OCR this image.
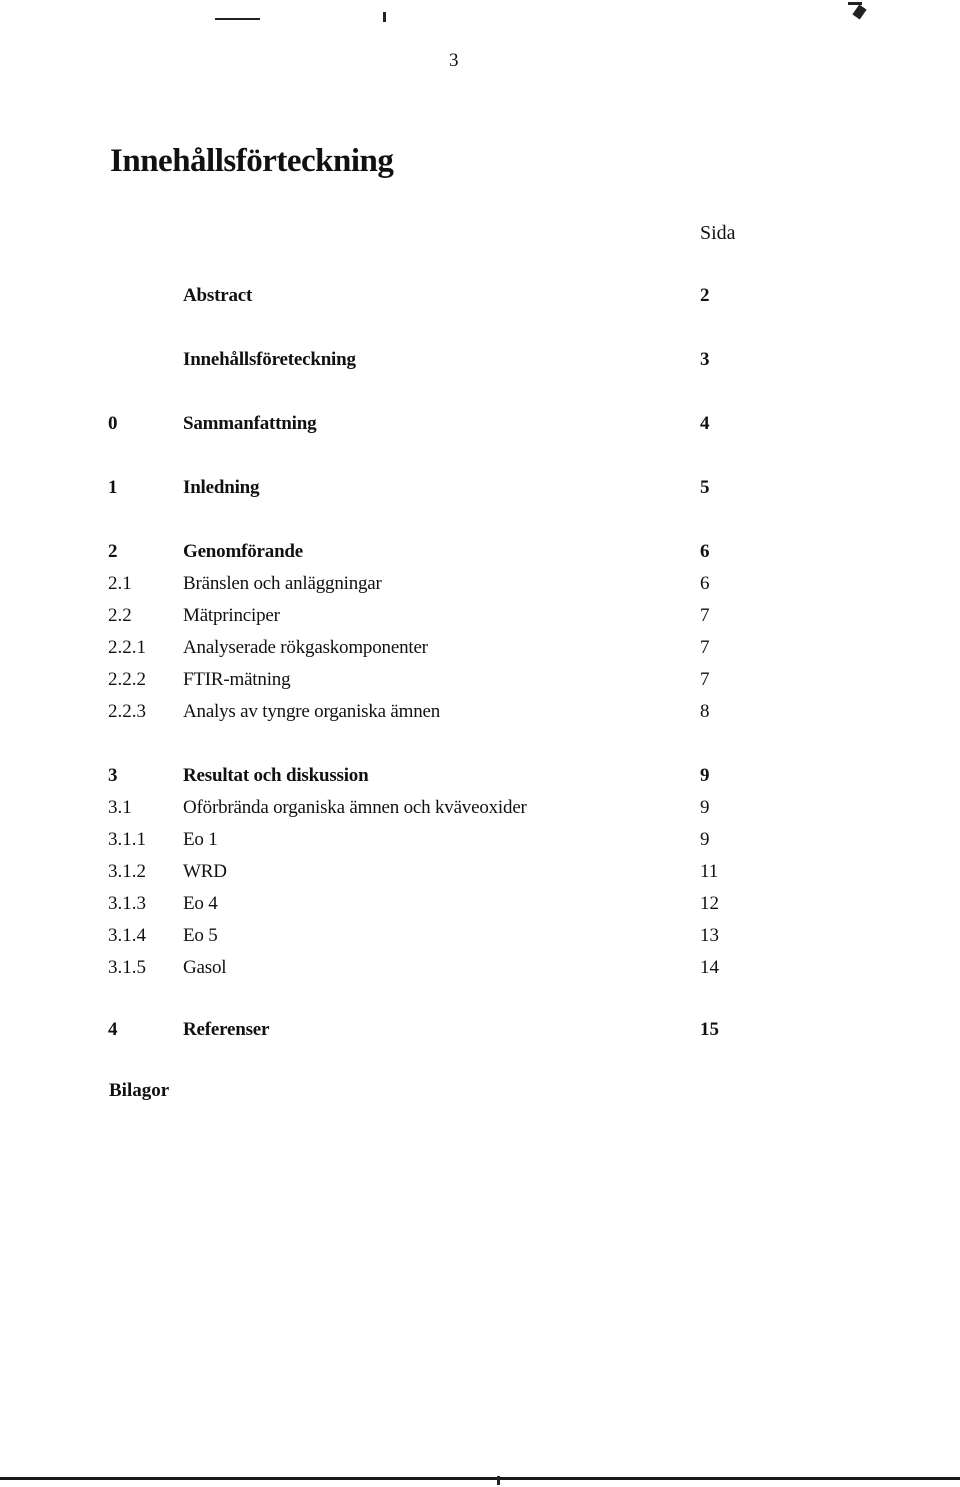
3
Innehållsförteckning
Sida
Abstract	2
Innehållsföreteckning	3
0	Sammanfattning	4
1	Inledning	5
2	Genomförande	6
2.1	Bränslen och anläggningar	6
2.2	Mätprinciper	7
2.2.1 Analyserade rökgaskomponenter	7
2.2.2 FTIR-mätning	7
2.2.3 Analys av tyngre organiska ämnen	8
3	Resultat och diskussion	9
3.1	Oförbrända organiska ämnen och kväveoxider	9
3.1.1 Eo 1	9
3.1.2 WRD	11
3.1.3 Eo 4	12
3.1.4 Eo 5	13
3.1.5 Gasol	14
4	Referenser	15
Bilagor
